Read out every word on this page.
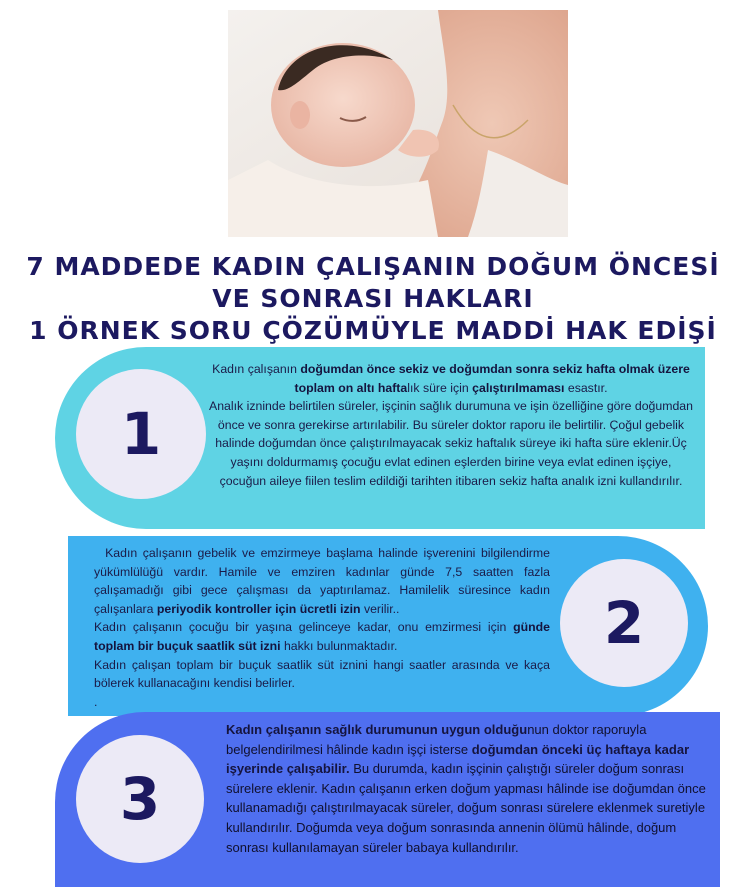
7 MADDEDE KADIN ÇALIŞANIN DOĞUM ÖNCESİ
VE SONRASI HAKLARI
1 ÖRNEK SORU ÇÖZÜMÜYLE MADDİ HAK EDİŞİ
1

Kadın çalışanın doğumdan önce sekiz ve doğumdan sonra sekiz hafta olmak üzere toplam on altı haftalık süre için çalıştırılmaması esastır.
Analık izninde belirtilen süreler, işçinin sağlık durumuna ve işin özelliğine göre doğumdan önce ve sonra gerekirse artırılabilir. Bu süreler doktor raporu ile belirtilir. Çoğul gebelik halinde doğumdan önce çalıştırılmayacak sekiz haftalık süreye iki hafta süre eklenir.Üç yaşını doldurmamış çocuğu evlat edinen eşlerden birine veya evlat edinen işçiye, çocuğun aileye fiilen teslim edildiği tarihten itibaren sekiz hafta analık izni kullandırılır.

2

Kadın çalışanın gebelik ve emzirmeye başlama halinde işverenini bilgilendirme yükümlülüğü vardır. Hamile ve emziren kadınlar günde 7,5 saatten fazla çalışamadığı gibi gece çalışması da yaptırılamaz. Hamilelik süresince kadın çalışanlara periyodik kontroller için ücretli izin verilir..
Kadın çalışanın çocuğu bir yaşına gelinceye kadar, onu emzirmesi için günde toplam bir buçuk saatlik süt izni hakkı bulunmaktadır.
Kadın çalışan toplam bir buçuk saatlik süt iznini hangi saatler arasında ve kaça bölerek kullanacağını kendisi belirler.
.

3

Kadın çalışanın sağlık durumunun uygun olduğunun doktor raporuyla belgelendirilmesi hâlinde kadın işçi isterse doğumdan önceki üç haftaya kadar işyerinde çalışabilir. Bu durumda, kadın işçinin çalıştığı süreler doğum sonrası sürelere eklenir. Kadın çalışanın erken doğum yapması hâlinde ise doğumdan önce kullanamadığı çalıştırılmayacak süreler, doğum sonrası sürelere eklenmek suretiyle kullandırılır. Doğumda veya doğum sonrasında annenin ölümü hâlinde, doğum sonrası kullanılamayan süreler babaya kullandırılır.
